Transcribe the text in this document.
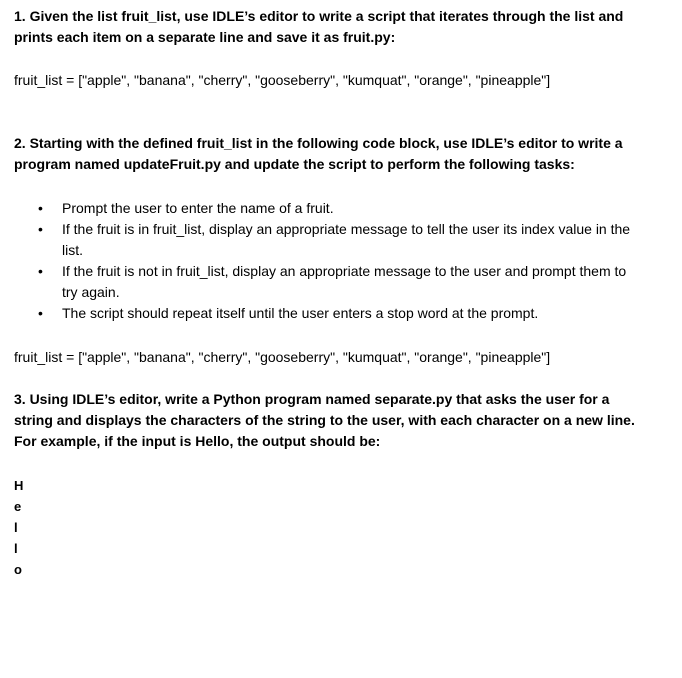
1. Given the list fruit_list, use IDLE’s editor to write a script that iterates through the list and prints each item on a separate line and save it as fruit.py:

fruit_list = ["apple", "banana", "cherry", "gooseberry", "kumquat", "orange", "pineapple"]

2. Starting with the defined fruit_list in the following code block, use IDLE’s editor to write a program named updateFruit.py and update the script to perform the following tasks:

• Prompt the user to enter the name of a fruit.
• If the fruit is in fruit_list, display an appropriate message to tell the user its index value in the list.
• If the fruit is not in fruit_list, display an appropriate message to the user and prompt them to try again.
• The script should repeat itself until the user enters a stop word at the prompt.

fruit_list = ["apple", "banana", "cherry", "gooseberry", "kumquat", "orange", "pineapple"]

3. Using IDLE’s editor, write a Python program named separate.py that asks the user for a string and displays the characters of the string to the user, with each character on a new line. For example, if the input is Hello, the output should be:

H

e

l

l

o
